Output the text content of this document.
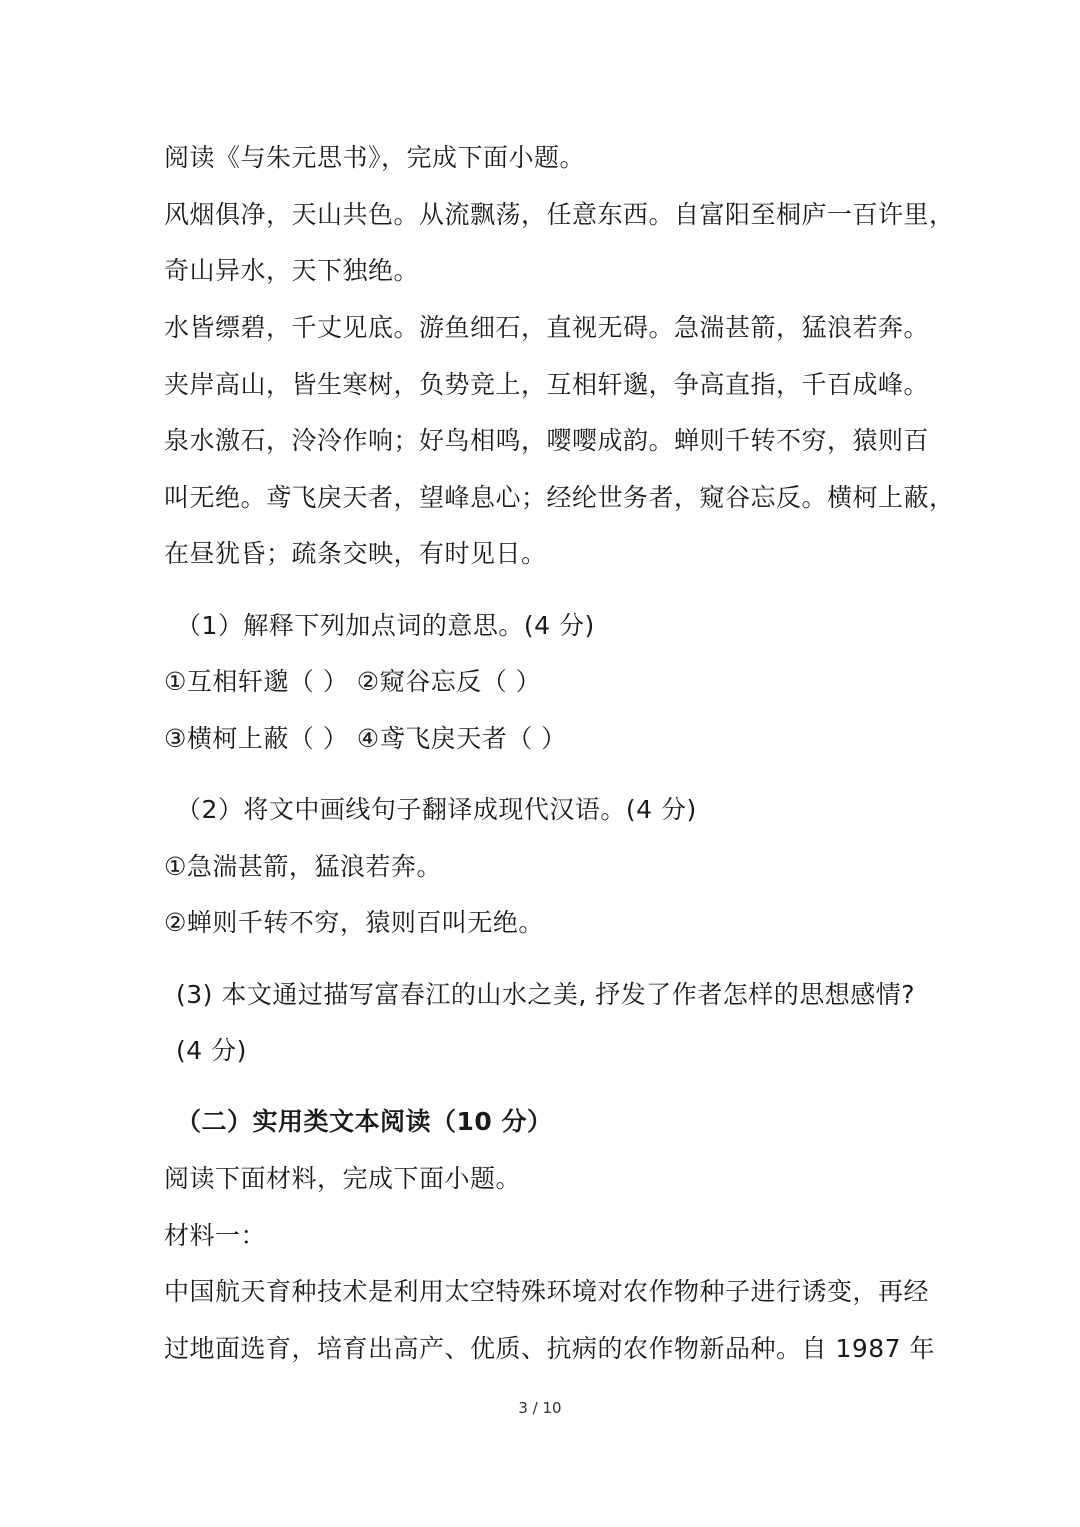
阅读《与朱元思书》，完成下面小题。
风烟俱净，天山共色。从流飘荡，任意东西。自富阳至桐庐一百许里，
奇山异水，天下独绝。
水皆缥碧，千丈见底。游鱼细石，直视无碍。急湍甚箭，猛浪若奔。
夹岸高山，皆生寒树，负势竞上，互相轩邈，争高直指，千百成峰。
泉水激石，泠泠作响；好鸟相鸣，嘤嘤成韵。蝉则千转不穷，猿则百
叫无绝。鸢飞戾天者，望峰息心；经纶世务者，窥谷忘反。横柯上蔽，
在昼犹昏；疏条交映，有时见日。
（1）解释下列加点词的意思。(4 分)
①互相轩邈（ ） ②窥谷忘反（ ）
③横柯上蔽（ ） ④鸢飞戾天者（ ）
（2）将文中画线句子翻译成现代汉语。(4 分)
①急湍甚箭，猛浪若奔。
②蝉则千转不穷，猿则百叫无绝。
(3) 本文通过描写富春江的山水之美, 抒发了作者怎样的思想感情?
(4 分)
（二）实用类文本阅读（10 分）
阅读下面材料，完成下面小题。
材料一：
中国航天育种技术是利用太空特殊环境对农作物种子进行诱变，再经
过地面选育，培育出高产、优质、抗病的农作物新品种。自 1987 年
3 / 10
